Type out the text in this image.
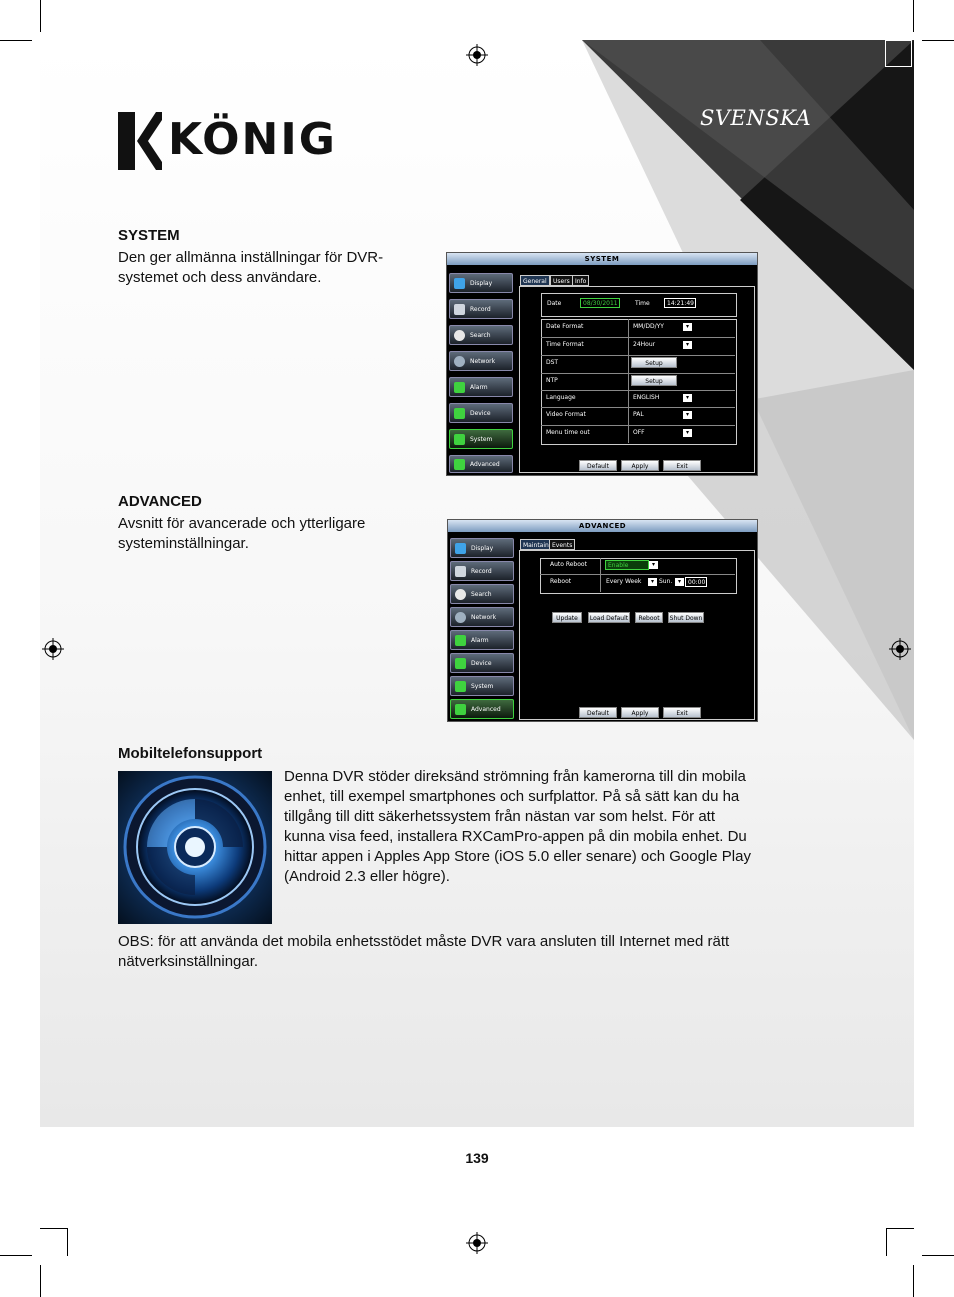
KÖNIG	SVENSKA
SYSTEM
Den ger allmänna inställningar för DVR-systemet och dess användare.
SYSTEM
Display
Record
Search
Network
Alarm
Device
System
Advanced
General	Users Info
Date	08/30/2011	Time	14:21:49
Date Format	MM/DD/YY	▾
Time Format	24Hour	▾
DST	Setup
NTP	Setup
Language	ENGLISH	▾
Video Format	PAL	▾
Menu time out	OFF	▾
Default	Apply	Exit
ADVANCED
Avsnitt för avancerade och ytterligare systeminställningar.
ADVANCED
Display
Record
Search
Network
Alarm
Device
System
Advanced
Maintain Events
Auto Reboot	Enable	▾
Reboot	Every Week	▾ Sun. ▾	00:00
Update	Load Default	Reboot	Shut Down
Default	Apply	Exit
Mobiltelefonsupport
Denna DVR stöder direksänd strömning från kamerorna till din mobila enhet, till exempel smartphones och surfplattor. På så sätt kan du ha tillgång till ditt säkerhetssystem från nästan var som helst. För att kunna visa feed, installera RXCamPro-appen på din mobila enhet. Du hittar appen i Apples App Store (iOS 5.0 eller senare) och Google Play (Android 2.3 eller högre).
OBS: för att använda det mobila enhetsstödet måste DVR vara ansluten till Internet med rätt nätverksinställningar.
139
